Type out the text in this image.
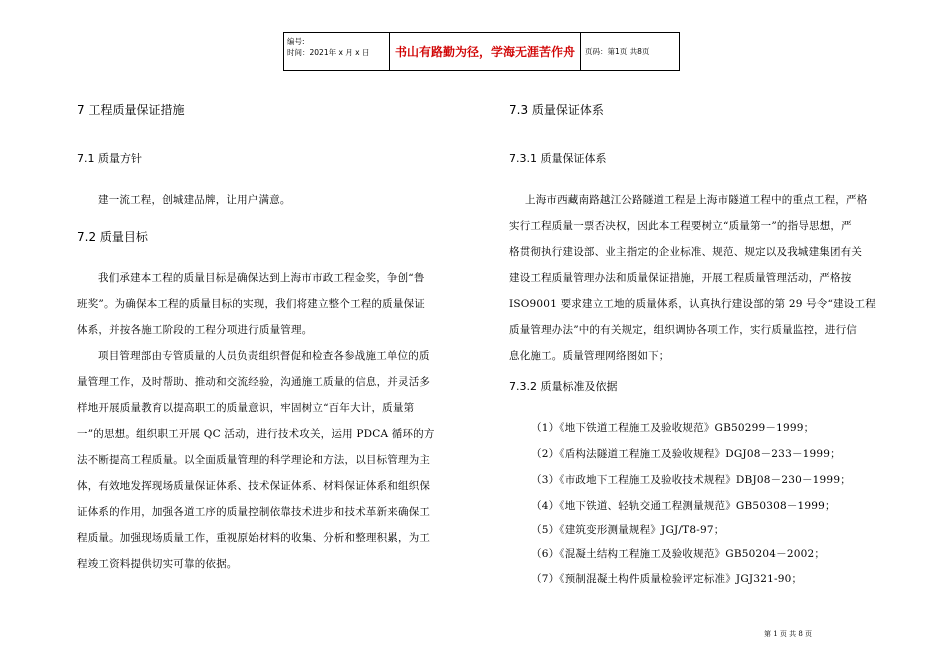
编号:
时间：2021年 x 月 x 日	书山有路勤为径，学海无涯苦作舟	页码：第1页 共8页
7 工程质量保证措施
7.1 质量方针
建一流工程，创城建品牌，让用户满意。
7.2 质量目标
我们承建本工程的质量目标是确保达到上海市市政工程金奖，争创“鲁
班奖”。为确保本工程的质量目标的实现，我们将建立整个工程的质量保证
体系，并按各施工阶段的工程分项进行质量管理。
项目管理部由专管质量的人员负责组织督促和检查各参战施工单位的质
量管理工作，及时帮助、推动和交流经验，沟通施工质量的信息，并灵活多
样地开展质量教育以提高职工的质量意识，牢固树立“百年大计，质量第
一”的思想。组织职工开展 QC 活动，进行技术攻关，运用 PDCA 循环的方
法不断提高工程质量。以全面质量管理的科学理论和方法，以目标管理为主
体，有效地发挥现场质量保证体系、技术保证体系、材料保证体系和组织保
证体系的作用，加强各道工序的质量控制依靠技术进步和技术革新来确保工
程质量。加强现场质量工作，重视原始材料的收集、分析和整理积累，为工
程竣工资料提供切实可靠的依据。
7.3 质量保证体系
7.3.1 质量保证体系
上海市西藏南路越江公路隧道工程是上海市隧道工程中的重点工程，严格
实行工程质量一票否决权，因此本工程要树立“质量第一”的指导思想，严
格贯彻执行建设部、业主指定的企业标准、规范、规定以及我城建集团有关
建设工程质量管理办法和质量保证措施，开展工程质量管理活动，严格按
ISO9001 要求建立工地的质量体系，认真执行建设部的第 29 号令“建设工程
质量管理办法”中的有关规定，组织调协各项工作，实行质量监控，进行信
息化施工。质量管理网络图如下；
7.3.2 质量标准及依据
（1）《地下铁道工程施工及验收规范》GB50299－1999；
（2）《盾构法隧道工程施工及验收规程》DGJ08－233－1999；
（3）《市政地下工程施工及验收技术规程》DBJ08－230－1999；
（4）《地下铁道、轻轨交通工程测量规范》GB50308－1999；
（5）《建筑变形测量规程》JGJ/T8-97；
（6）《混凝土结构工程施工及验收规范》GB50204－2002；
（7）《预制混凝土构件质量检验评定标准》JGJ321-90；
第 1 页 共 8 页
